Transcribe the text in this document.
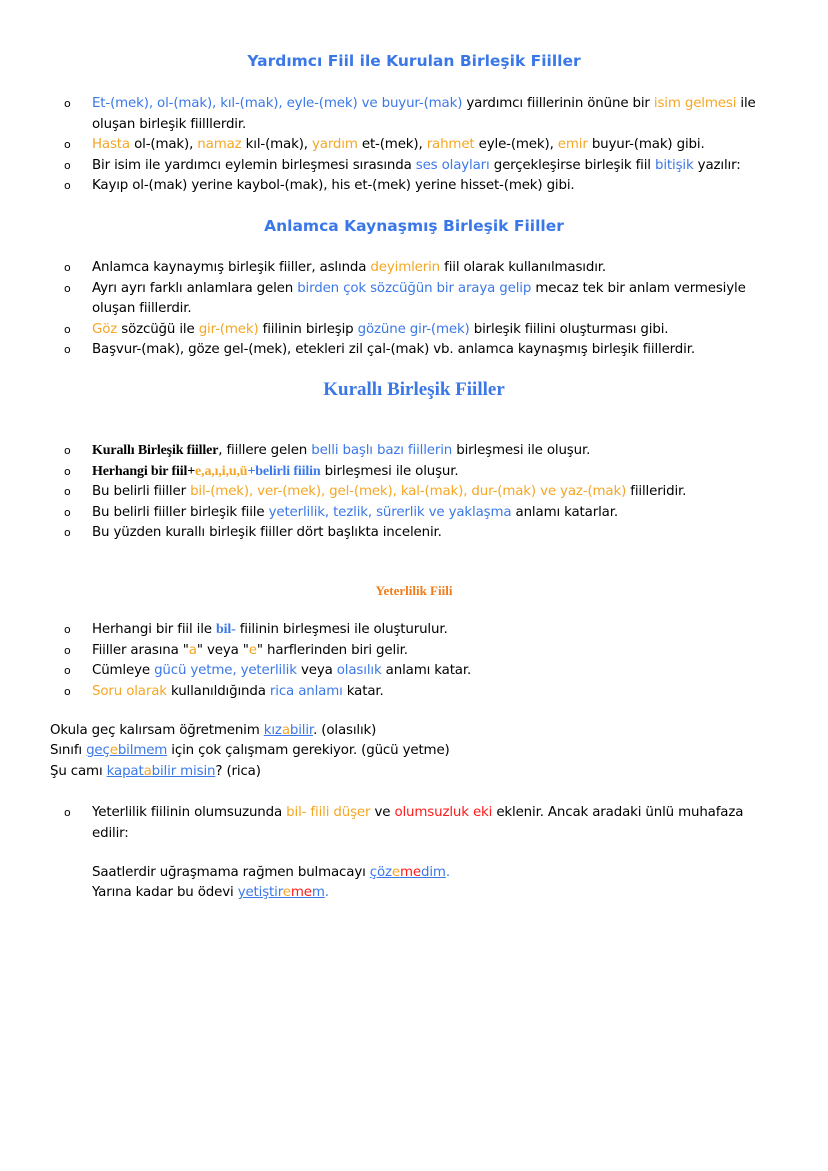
Yardımcı Fiil ile Kurulan Birleşik Fiiller
o Et-(mek), ol-(mak), kıl-(mak), eyle-(mek) ve buyur-(mak) yardımcı fiillerinin önüne bir isim gelmesi ile
oluşan birleşik fiilllerdir.
o Hasta ol-(mak), namaz kıl-(mak), yardım et-(mek), rahmet eyle-(mek), emir buyur-(mak) gibi.
o Bir isim ile yardımcı eylemin birleşmesi sırasında ses olayları gerçekleşirse birleşik fiil bitişik yazılır:
o Kayıp ol-(mak) yerine kaybol-(mak), his et-(mek) yerine hisset-(mek) gibi.
Anlamca Kaynaşmış Birleşik Fiiller
o Anlamca kaynaymış birleşik fiiller, aslında deyimlerin fiil olarak kullanılmasıdır.
o Ayrı ayrı farklı anlamlara gelen birden çok sözcüğün bir araya gelip mecaz tek bir anlam vermesiyle
oluşan fiillerdir.
o Göz sözcüğü ile gir-(mek) fiilinin birleşip gözüne gir-(mek) birleşik fiilini oluşturması gibi.
o Başvur-(mak), göze gel-(mek), etekleri zil çal-(mak) vb. anlamca kaynaşmış birleşik fiillerdir.
Kurallı Birleşik Fiiller
o Kurallı Birleşik fiiller, fiillere gelen belli başlı bazı fiillerin birleşmesi ile oluşur.
o Herhangi bir fiil+e,a,ı,i,u,ü+belirli fiilin birleşmesi ile oluşur.
o Bu belirli fiiller bil-(mek), ver-(mek), gel-(mek), kal-(mak), dur-(mak) ve yaz-(mak) fiilleridir.
o Bu belirli fiiller birleşik fiile yeterlilik, tezlik, sürerlik ve yaklaşma anlamı katarlar.
o Bu yüzden kurallı birleşik fiiller dört başlıkta incelenir.
Yeterlilik Fiili
o Herhangi bir fiil ile bil- fiilinin birleşmesi ile oluşturulur.
o Fiiller arasına "a" veya "e" harflerinden biri gelir.
o Cümleye gücü yetme, yeterlilik veya olasılık anlamı katar.
o Soru olarak kullanıldığında rica anlamı katar.
Okula geç kalırsam öğretmenim kızabilir. (olasılık)
Sınıfı geçebilmem için çok çalışmam gerekiyor. (gücü yetme)
Şu camı kapatabilir misin? (rica)
o Yeterlilik fiilinin olumsuzunda bil- fiili düşer ve olumsuzluk eki eklenir. Ancak aradaki ünlü muhafaza
edilir:
Saatlerdir uğraşmama rağmen bulmacayı çözemedim.
Yarına kadar bu ödevi yetiştiremem.
